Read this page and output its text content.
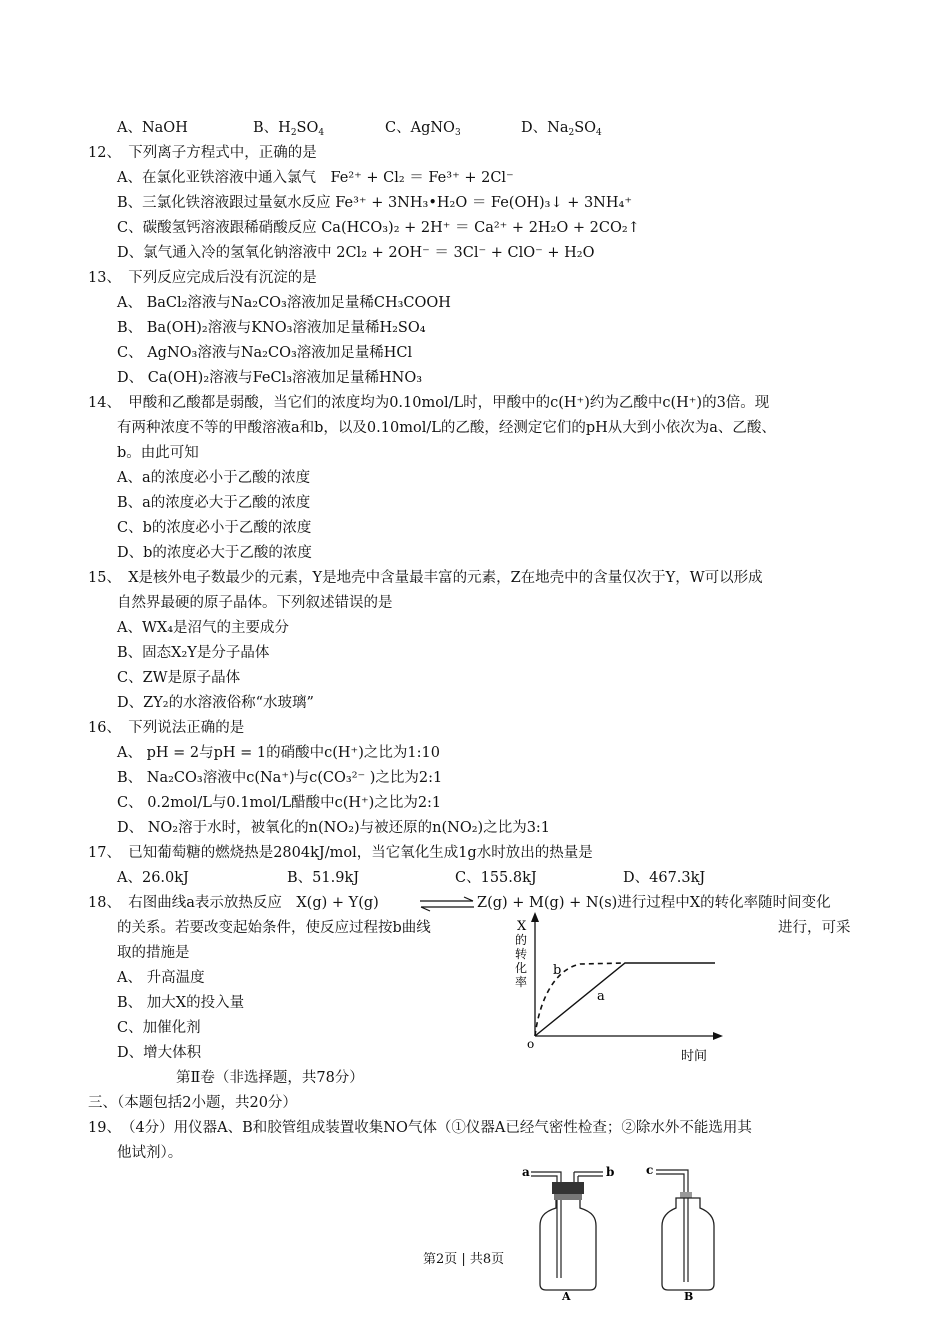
A、NaOH	B、$H_2SO_4$	C、AgNO$_3$	D、$Na_2SO_4$
12、　下列离子方程式中，正确的是
A、在氯化亚铁溶液中通入氯气　Fe²⁺ + Cl₂ ＝ Fe³⁺ + 2Cl⁻
B、三氯化铁溶液跟过量氨水反应 Fe³⁺ + 3NH₃•H₂O ＝ Fe(OH)₃↓ + 3NH₄⁺
C、碳酸氢钙溶液跟稀硝酸反应 Ca(HCO₃)₂ + 2H⁺ ＝ Ca²⁺ + 2H₂O + 2CO₂↑
D、氯气通入冷的氢氧化钠溶液中 2Cl₂ + 2OH⁻ ＝ 3Cl⁻ + ClO⁻ + H₂O
13、　下列反应完成后没有沉淀的是
A、 BaCl₂溶液与Na₂CO₃溶液加足量稀CH₃COOH
B、 Ba(OH)₂溶液与KNO₃溶液加足量稀H₂SO₄
C、 AgNO₃溶液与Na₂CO₃溶液加足量稀HCl
D、 Ca(OH)₂溶液与FeCl₃溶液加足量稀HNO₃
14、　甲酸和乙酸都是弱酸，当它们的浓度均为0.10mol/L时，甲酸中的c(H⁺)约为乙酸中c(H⁺)的3倍。现
有两种浓度不等的甲酸溶液a和b，以及0.10mol/L的乙酸，经测定它们的pH从大到小依次为a、乙酸、
b。由此可知
A、a的浓度必小于乙酸的浓度
B、a的浓度必大于乙酸的浓度
C、b的浓度必小于乙酸的浓度
D、b的浓度必大于乙酸的浓度
15、　X是核外电子数最少的元素，Y是地壳中含量最丰富的元素，Z在地壳中的含量仅次于Y，W可以形成
自然界最硬的原子晶体。下列叙述错误的是
A、WX₄是沼气的主要成分
B、固态X₂Y是分子晶体
C、ZW是原子晶体
D、ZY₂的水溶液俗称“水玻璃”
16、　下列说法正确的是
A、 pH = 2与pH = 1的硝酸中c(H⁺)之比为1:10
B、 Na₂CO₃溶液中c(Na⁺)与c(CO₃²⁻ )之比为2:1
C、 0.2mol/L与0.1mol/L醋酸中c(H⁺)之比为2:1
D、 NO₂溶于水时，被氧化的n(NO₂)与被还原的n(NO₂)之比为3:1
17、　已知葡萄糖的燃烧热是2804kJ/mol，当它氧化生成1g水时放出的热量是
A、26.0kJ	B、51.9kJ	C、155.8kJ	D、467.3kJ
18、　右图曲线a表示放热反应　X(g) + Y(g) ⇌ Z(g) + M(g) + N(s)进行过程中X的转化率随时间变化
的关系。若要改变起始条件，使反应过程按b曲线	进行，可采
取的措施是
A、 升高温度
B、 加大X的投入量
C、加催化剂
D、增大体积
X
的
转
化
率
b
a
o
时间
第Ⅱ卷（非选择题，共78分）
三、（本题包括2小题，共20分）
19、　（4分）用仪器A、B和胶管组成装置收集NO气体（①仪器A已经气密性检查；②除水外不能选用其
他试剂）。
a	b
A
c
B
第2页 | 共8页
